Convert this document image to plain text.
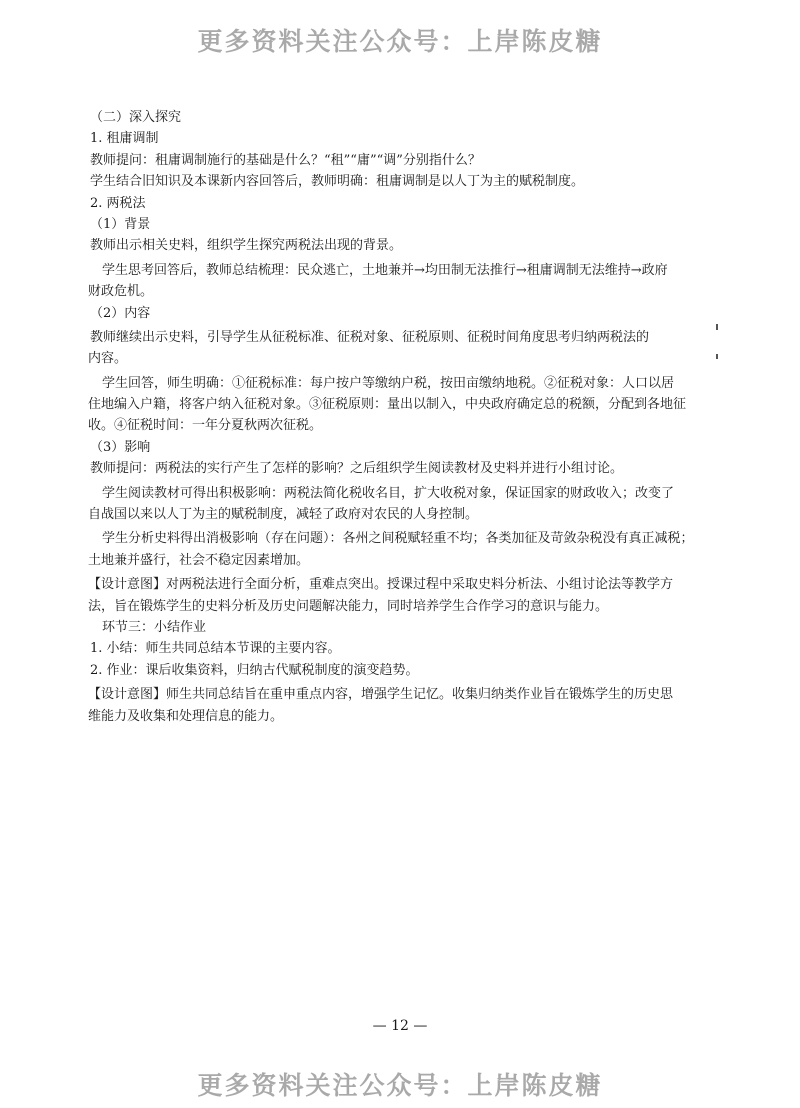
更多资料关注公众号：上岸陈皮糖
（二）深入探究
1. 租庸调制
教师提问：租庸调制施行的基础是什么？“租”“庸”“调”分别指什么？
学生结合旧知识及本课新内容回答后，教师明确：租庸调制是以人丁为主的赋税制度。
2. 两税法
（1）背景
教师出示相关史料，组织学生探究两税法出现的背景。
学生思考回答后，教师总结梳理：民众逃亡，土地兼并→均田制无法推行→租庸调制无法维持→政府
财政危机。
（2）内容
教师继续出示史料，引导学生从征税标准、征税对象、征税原则、征税时间角度思考归纳两税法的
内容。
学生回答，师生明确：①征税标准：每户按户等缴纳户税，按田亩缴纳地税。②征税对象：人口以居
住地编入户籍，将客户纳入征税对象。③征税原则：量出以制入，中央政府确定总的税额，分配到各地征
收。④征税时间：一年分夏秋两次征税。
（3）影响
教师提问：两税法的实行产生了怎样的影响？之后组织学生阅读教材及史料并进行小组讨论。
学生阅读教材可得出积极影响：两税法简化税收名目，扩大收税对象，保证国家的财政收入；改变了
自战国以来以人丁为主的赋税制度，减轻了政府对农民的人身控制。
学生分析史料得出消极影响（存在问题）：各州之间税赋轻重不均；各类加征及苛敛杂税没有真正减税；
土地兼并盛行，社会不稳定因素增加。
【设计意图】对两税法进行全面分析，重难点突出。授课过程中采取史料分析法、小组讨论法等教学方
法，旨在锻炼学生的史料分析及历史问题解决能力，同时培养学生合作学习的意识与能力。
环节三：小结作业
1. 小结：师生共同总结本节课的主要内容。
2. 作业：课后收集资料，归纳古代赋税制度的演变趋势。
【设计意图】师生共同总结旨在重申重点内容，增强学生记忆。收集归纳类作业旨在锻炼学生的历史思
维能力及收集和处理信息的能力。
— 12 —
更多资料关注公众号：上岸陈皮糖
